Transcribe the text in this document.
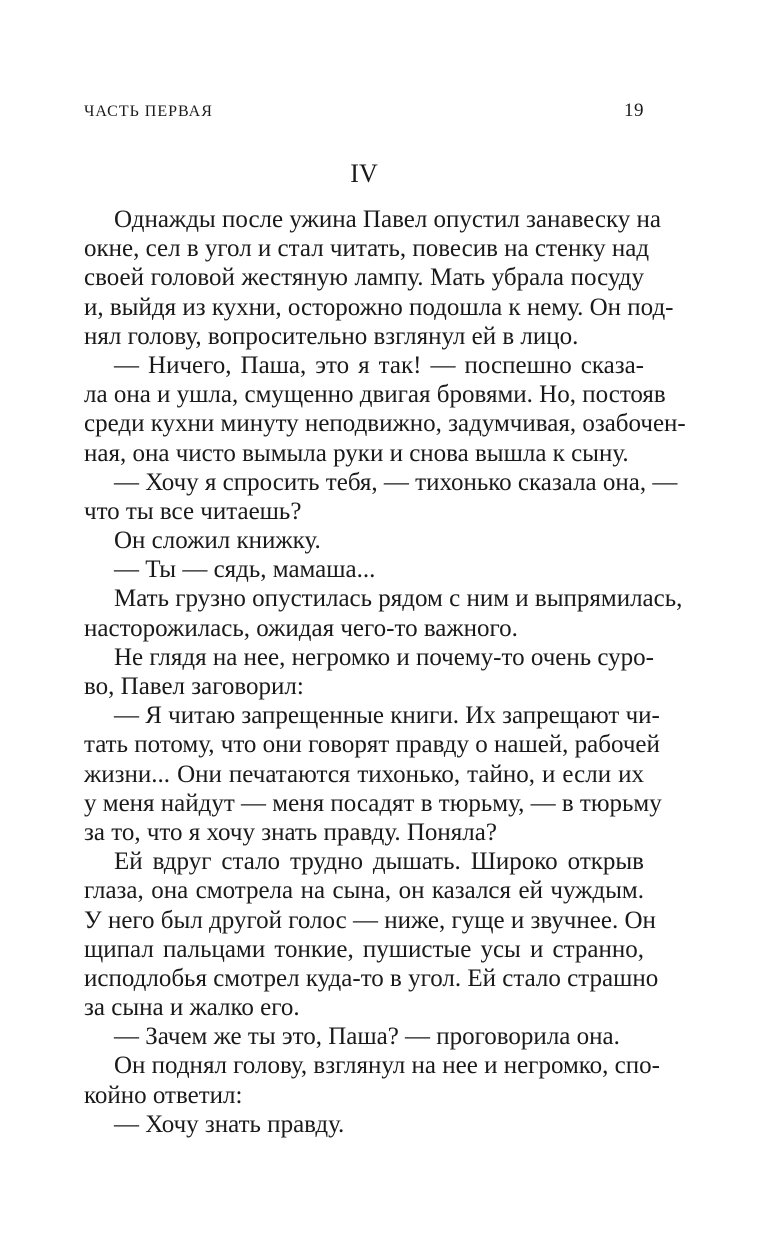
ЧАСТЬ ПЕРВАЯ	19
IV
Однажды после ужина Павел опустил занавеску на
окне, сел в угол и стал читать, повесив на стенку над
своей головой жестяную лампу. Мать убрала посуду
и, выйдя из кухни, осторожно подошла к нему. Он под-
нял голову, вопросительно взглянул ей в лицо.
— Ничего, Паша, это я так! — поспешно сказа-
ла она и ушла, смущенно двигая бровями. Но, постояв
среди кухни минуту неподвижно, задумчивая, озабочен-
ная, она чисто вымыла руки и снова вышла к сыну.
— Хочу я спросить тебя, — тихонько сказала она, —
что ты все читаешь?
Он сложил книжку.
— Ты — сядь, мамаша...
Мать грузно опустилась рядом с ним и выпрямилась,
насторожилась, ожидая чего-то важного.
Не глядя на нее, негромко и почему-то очень суро-
во, Павел заговорил:
— Я читаю запрещенные книги. Их запрещают чи-
тать потому, что они говорят правду о нашей, рабочей
жизни... Они печатаются тихонько, тайно, и если их
у меня найдут — меня посадят в тюрьму, — в тюрьму
за то, что я хочу знать правду. Поняла?
Ей вдруг стало трудно дышать. Широко открыв
глаза, она смотрела на сына, он казался ей чуждым.
У него был другой голос — ниже, гуще и звучнее. Он
щипал пальцами тонкие, пушистые усы и странно,
исподлобья смотрел куда-то в угол. Ей стало страшно
за сына и жалко его.
— Зачем же ты это, Паша? — проговорила она.
Он поднял голову, взглянул на нее и негромко, спо-
койно ответил:
— Хочу знать правду.
